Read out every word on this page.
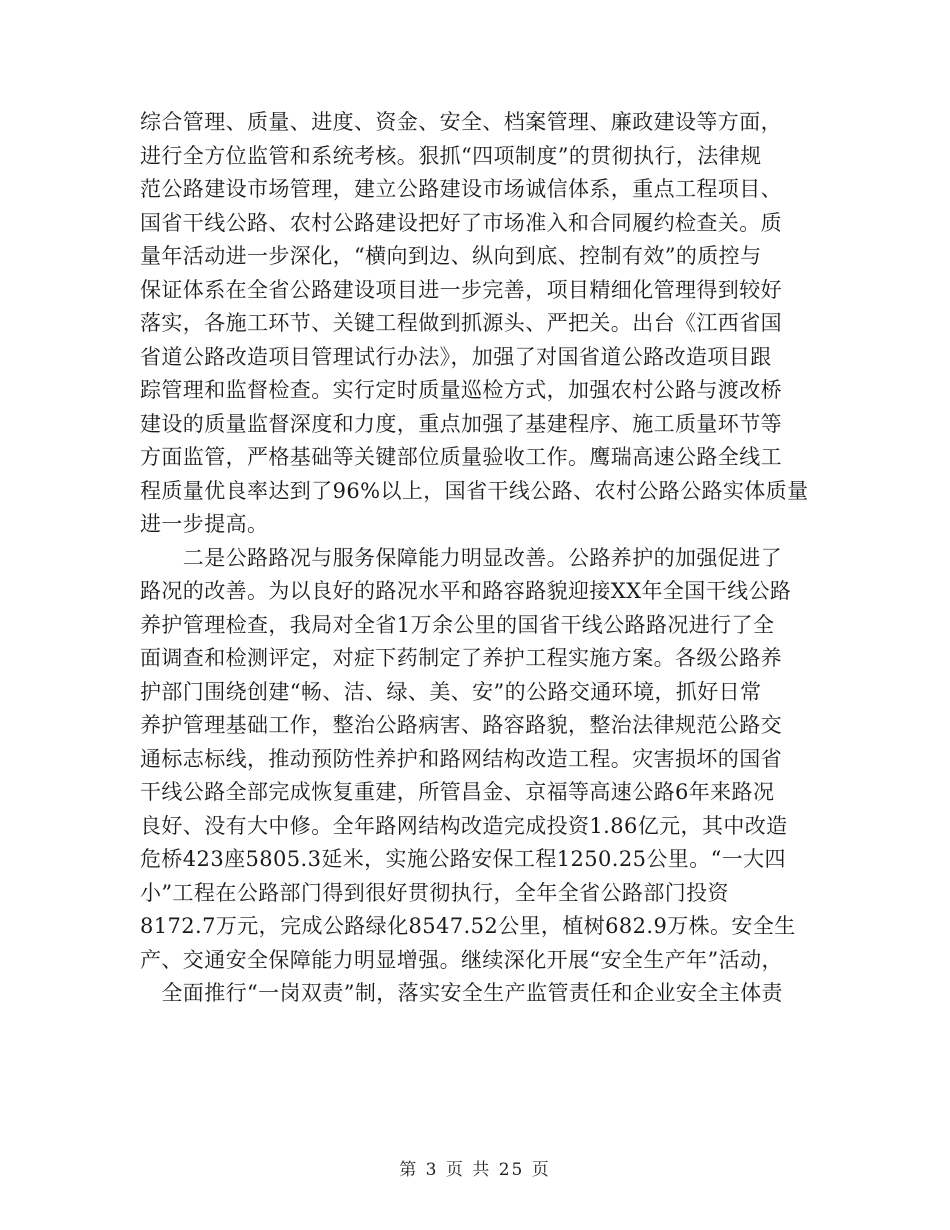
综合管理、质量、进度、资金、安全、档案管理、廉政建设等方面，
进行全方位监管和系统考核。狠抓“四项制度”的贯彻执行，法律规
范公路建设市场管理，建立公路建设市场诚信体系，重点工程项目、
国省干线公路、农村公路建设把好了市场准入和合同履约检查关。质
量年活动进一步深化，“横向到边、纵向到底、控制有效”的质控与
保证体系在全省公路建设项目进一步完善，项目精细化管理得到较好
落实，各施工环节、关键工程做到抓源头、严把关。出台《江西省国
省道公路改造项目管理试行办法》，加强了对国省道公路改造项目跟
踪管理和监督检查。实行定时质量巡检方式，加强农村公路与渡改桥
建设的质量监督深度和力度，重点加强了基建程序、施工质量环节等
方面监管，严格基础等关键部位质量验收工作。鹰瑞高速公路全线工
程质量优良率达到了96%以上，国省干线公路、农村公路公路实体质量
进一步提高。
　　二是公路路况与服务保障能力明显改善。公路养护的加强促进了
路况的改善。为以良好的路况水平和路容路貌迎接XX年全国干线公路
养护管理检查，我局对全省1万余公里的国省干线公路路况进行了全
面调查和检测评定，对症下药制定了养护工程实施方案。各级公路养
护部门围绕创建“畅、洁、绿、美、安”的公路交通环境，抓好日常
养护管理基础工作，整治公路病害、路容路貌，整治法律规范公路交
通标志标线，推动预防性养护和路网结构改造工程。灾害损坏的国省
干线公路全部完成恢复重建，所管昌金、京福等高速公路6年来路况
良好、没有大中修。全年路网结构改造完成投资1.86亿元，其中改造
危桥423座5805.3延米，实施公路安保工程1250.25公里。“一大四
小”工程在公路部门得到很好贯彻执行，全年全省公路部门投资
8172.7万元，完成公路绿化8547.52公里，植树682.9万株。安全生
产、交通安全保障能力明显增强。继续深化开展“安全生产年”活动，
　全面推行“一岗双责”制，落实安全生产监管责任和企业安全主体责
第 3 页 共 25 页
